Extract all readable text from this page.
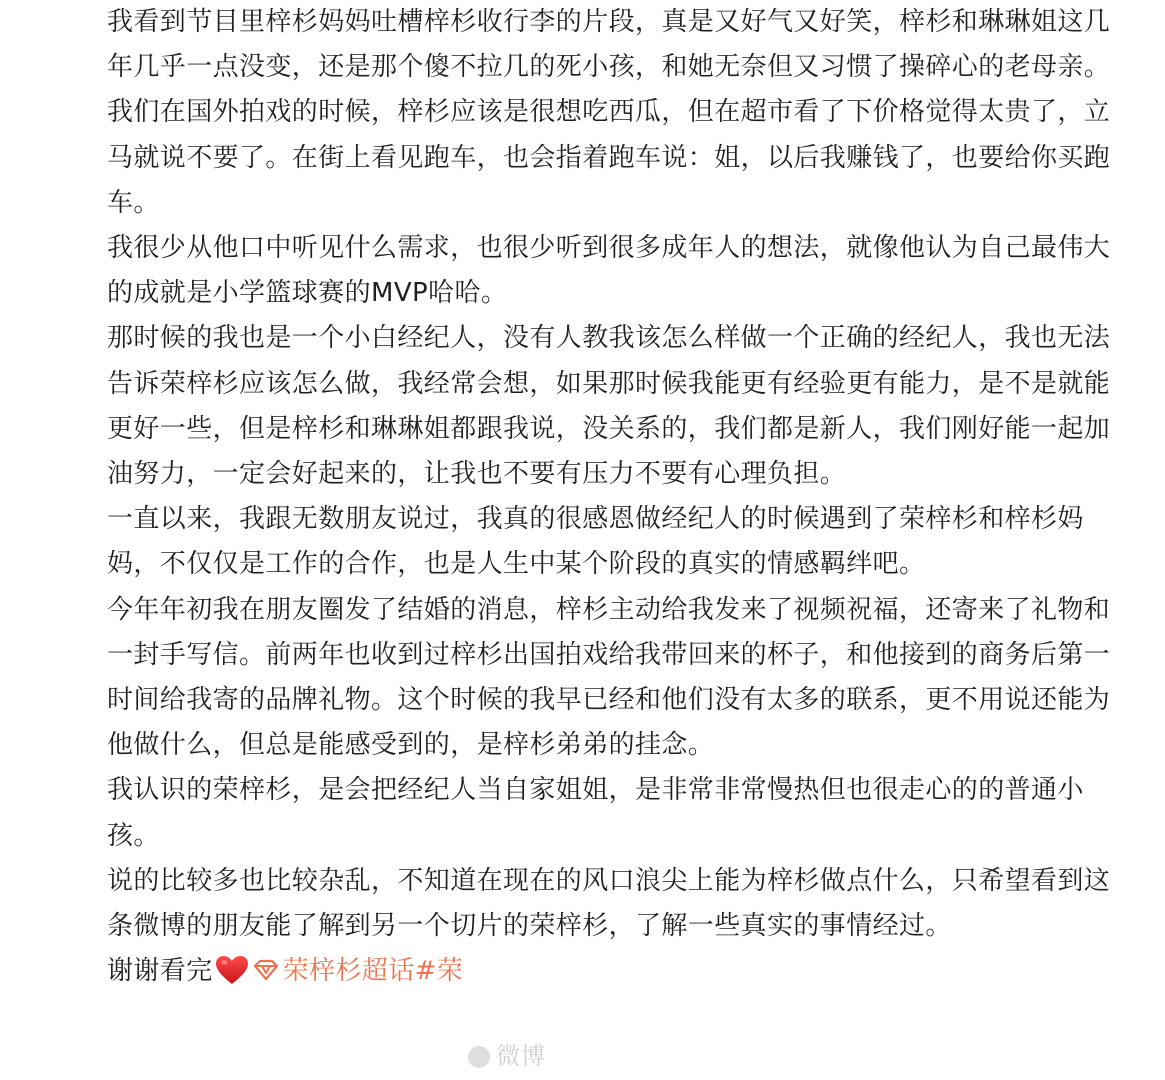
我看到节目里梓杉妈妈吐槽梓杉收行李的片段，真是又好气又好笑，梓杉和琳琳姐这几年几乎一点没变，还是那个傻不拉几的死小孩，和她无奈但又习惯了操碎心的老母亲。

我们在国外拍戏的时候，梓杉应该是很想吃西瓜，但在超市看了下价格觉得太贵了，立马就说不要了。在街上看见跑车，也会指着跑车说：姐，以后我赚钱了，也要给你买跑车。

我很少从他口中听见什么需求，也很少听到很多成年人的想法，就像他认为自己最伟大的成就是小学篮球赛的MVP哈哈。

那时候的我也是一个小白经纪人，没有人教我该怎么样做一个正确的经纪人，我也无法告诉荣梓杉应该怎么做，我经常会想，如果那时候我能更有经验更有能力，是不是就能更好一些，但是梓杉和琳琳姐都跟我说，没关系的，我们都是新人，我们刚好能一起加油努力，一定会好起来的，让我也不要有压力不要有心理负担。

一直以来，我跟无数朋友说过，我真的很感恩做经纪人的时候遇到了荣梓杉和梓杉妈妈，不仅仅是工作的合作，也是人生中某个阶段的真实的情感羁绊吧。

今年年初我在朋友圈发了结婚的消息，梓杉主动给我发来了视频祝福，还寄来了礼物和一封手写信。前两年也收到过梓杉出国拍戏给我带回来的杯子，和他接到的商务后第一时间给我寄的品牌礼物。这个时候的我早已经和他们没有太多的联系，更不用说还能为他做什么，但总是能感受到的，是梓杉弟弟的挂念。

我认识的荣梓杉，是会把经纪人当自家姐姐，是非常非常慢热但也很走心的的普通小孩。

说的比较多也比较杂乱，不知道在现在的风口浪尖上能为梓杉做点什么，只希望看到这条微博的朋友能了解到另一个切片的荣梓杉，了解一些真实的事情经过。

谢谢看完	荣梓杉超话#荣

微博
